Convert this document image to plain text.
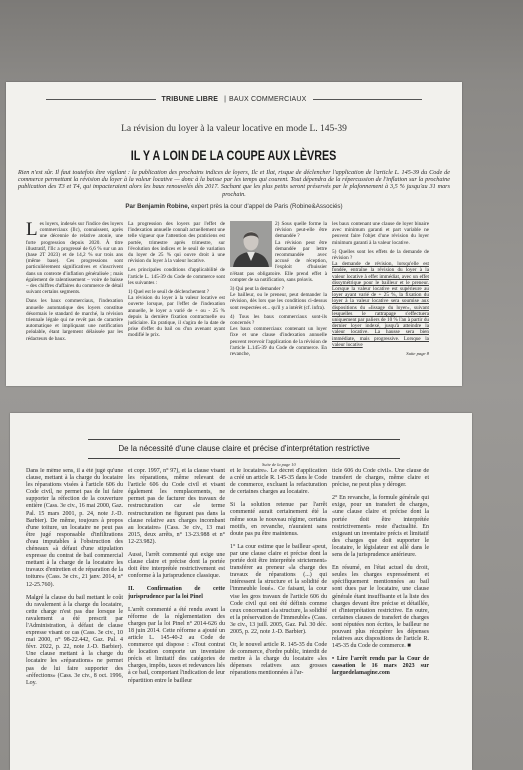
TRIBUNE LIBRE | BAUX COMMERCIAUX
La révision du loyer à la valeur locative en mode L. 145-39
IL Y A LOIN DE LA COUPE AUX LÈVRES

Rien n'est sûr. Il faut toutefois être vigilant : la publication des prochains indices de loyers, Ilc et Ilat, risque de déclencher l'application de l'article L. 145-39 du Code de commerce permettant la révision du loyer à la valeur locative — donc à la baisse par les temps qui courent. Tout dépendra de la répercussion de l'inflation sur la prochaine publication des T3 et T4, qui impacteraient alors les baux renouvelés dès 2017. Sachant que les plus petits seront préservés par le plafonnement à 3,5 % jusqu'au 31 mars prochain.

Par Benjamin Robine, expert près la cour d'appel de Paris (Robine&Associés)

Les loyers, indexés sur l'indice des loyers commerciaux (Ilc), connaissent, après une décennie de relative atonie, une forte progression depuis 2020. À titre illustratif, l'Ilc a progressé de 6,6 % sur un an (base 2T 2023) et de 14,2 % sur trois ans (même base). Ces progressions sont particulièrement significatives et s'inscrivent dans un contexte d'inflation généralisée ; mais également de ralentissement – voire de baisse – des chiffres d'affaires du commerce de détail suivant certains segments.

Dans les baux commerciaux, l'indexation annuelle automatique des loyers constitue désormais le standard de marché, la révision triennale légale qui ne revêt pas de caractère automatique et impliquant une notification préalable, étant largement délaissée par les rédacteurs de baux.

La progression des loyers par l'effet de l'indexation annuelle connaît actuellement une telle vigueur que l'attention des praticiens est portée, trimestre après trimestre, sur l'évolution des indices et le seuil de variation du loyer de 25 % qui ouvre droit à une révision du loyer à la valeur locative.

Les principales conditions d'applicabilité de l'article L. 145-39 du Code de commerce sont les suivantes :

1) Quel est le seuil de déclenchement ?

La révision du loyer à la valeur locative est ouverte lorsque, par l'effet de l'indexation annuelle, le loyer a varié de + ou - 25 % depuis la dernière fixation contractuelle ou judiciaire. En pratique, il s'agira de la date de prise d'effet du bail ou d'un avenant ayant modifié le prix.

2) Sous quelle forme la révision peut-elle être demandée ?

La révision peut être demandée par lettre recommandée avec accusé de réception, l'exploit d'huissier n'étant pas obligatoire. Elle prend effet à compter de sa notification, sans préavis.

3) Qui peut la demander ?

Le bailleur, ou le preneur, peut demander la révision, dès lors que les conditions ci-dessus sont respectées et... qu'il y a intérêt (cf. infra).

4) Tous les baux commerciaux sont-ils concernés ?

Les baux commerciaux contenant un loyer fixe et une clause d'indexation annuelle peuvent recevoir l'application de la révision de l'article L.145-39 du Code de commerce. En revanche,

les baux contenant une clause de loyer binaire avec minimum garanti et part variable ne peuvent faire l'objet d'une révision du loyer minimum garanti à la valeur locative.

5) Quelles sont les effets de la demande de révision ?

La demande de révision, lorsqu'elle est fondée, entraîne la révision du loyer à la valeur locative à effet immédiat, avec un effet dissymétrique pour le bailleur et le preneur. Lorsque la valeur locative est supérieure au loyer ayant varié de + 25 %, la fixation du loyer à la valeur locative sera soumise aux dispositions du «lissage du loyer», suivant lesquelles le rattrapage s'effectuera uniquement par paliers de 10 % l'an à partir du dernier loyer indexé, jusqu'à atteindre la valeur locative. La hausse sera bien immédiate, mais progressive. Lorsque la valeur locative

Suite page 8

De la nécessité d'une clause claire et précise d'interprétation restrictive
Suite de la page 10

Dans le même sens, il a été jugé qu'une clause, mettant à la charge du locataire les réparations visées à l'article 606 du Code civil, ne permet pas de lui faire supporter la réfection de la couverture entière (Cass. 3e civ., 16 mai 2000, Gaz. Pal. 15 mars 2001, p. 24, note J.-D. Barbier). De même, toujours à propos d'une toiture, un locataire ne peut pas être jugé responsable d'infiltrations d'eau imputables à l'obstruction des chéneaux «à défaut d'une stipulation expresse du contrat de bail commercial mettant à la charge de la locataire les travaux d'entretien et de réparation de la toiture» (Cass. 3e civ., 21 janv. 2014, n° 12-25.760).

Malgré la clause du bail mettant le coût du ravalement à la charge du locataire, cette charge n'est pas due lorsque le ravalement a été prescrit par l'Administration, à défaut de clause expresse visant ce cas (Cass. 3e civ., 10 mai 2000, n° 98-22.442, Gaz. Pal. 4 févr. 2022, p. 22, note J.-D. Barbier). Une clause mettant à la charge du locataire les «réparations» ne permet pas de lui faire supporter des «réfections» (Cass. 3e civ., 8 oct. 1996, Loy.

et copr. 1997, n° 97), et la clause visant les réparations, même relevant de l'article 606 du Code civil et visant également les remplacements, ne permet pas de facturer des travaux de restructuration car «le terme restructuration ne figurant pas dans la clause relative aux charges incombant au locataire» (Cass. 3e civ., 13 mai 2015, deux arrêts, n° 13-23.988 et n° 12-23.982).

Aussi, l'arrêt commenté qui exige une clause claire et précise dont la portée doit être interprétée restrictivement est conforme à la jurisprudence classique.

II. Confirmation de cette jurisprudence par la loi Pinel

L'arrêt commenté a été rendu avant la réforme de la réglementation des charges par la loi Pinel n° 2014-626 du 18 juin 2014. Cette réforme a ajouté un article L. 145-40-2 au Code de commerce qui dispose : «Tout contrat de location comporte un inventaire précis et limitatif des catégories de charges, impôts, taxes et redevances liés à ce bail, comportant l'indication de leur répartition entre le bailleur

et le locataire». Le décret d'application a créé un article R. 145-35 dans le Code de commerce, excluant la refacturation de certaines charges au locataire.

Si la solution retenue par l'arrêt commenté aurait certainement été la même sous le nouveau régime, certains motifs, en revanche, n'auraient sans doute pas pu être maintenus.

1° La cour estime que le bailleur «peut, par une clause claire et précise dont la portée doit être interprétée strictement» transférer au preneur «la charge des travaux de réparations (...) qui intéressent la structure et la solidité de l'immeuble loué». Ce faisant, la cour vise les gros travaux de l'article 606 du Code civil qui ont été définis comme ceux concernant «la structure, la solidité et la préservation de l'immeuble» (Cass. 3e civ., 13 juill. 2005, Gaz. Pal. 30 déc. 2005, p. 22, note J.-D. Barbier).

Or, le nouvel article R. 145-35 du Code de commerce, d'ordre public, interdit de mettre à la charge du locataire «les dépenses relatives aux grosses réparations mentionnées à l'ar-

ticle 606 du Code civil». Une clause de transfert de charges, même claire et précise, ne peut plus y déroger.

2° En revanche, la formule générale qui exige, pour un transfert de charges, «une clause claire et précise dont la portée doit être interprétée restrictivement» reste d'actualité. En exigeant un inventaire précis et limitatif des charges que doit supporter le locataire, le législateur est allé dans le sens de la jurisprudence antérieure.

En résumé, en l'état actuel du droit, seules les charges expressément et spécifiquement mentionnées au bail sont dues par le locataire, une clause générale étant insuffisante et la liste des charges devant être précise et détaillée, et d'interprétation restrictive. En outre, certaines clauses de transfert de charges sont réputées non écrites, le bailleur ne pouvant plus récupérer les dépenses relatives aux dispositions de l'article R. 145-35 du Code de commerce. ■

• Lire l'arrêt rendu par la Cour de cassation le 16 mars 2023 sur larguedelamagine.com
